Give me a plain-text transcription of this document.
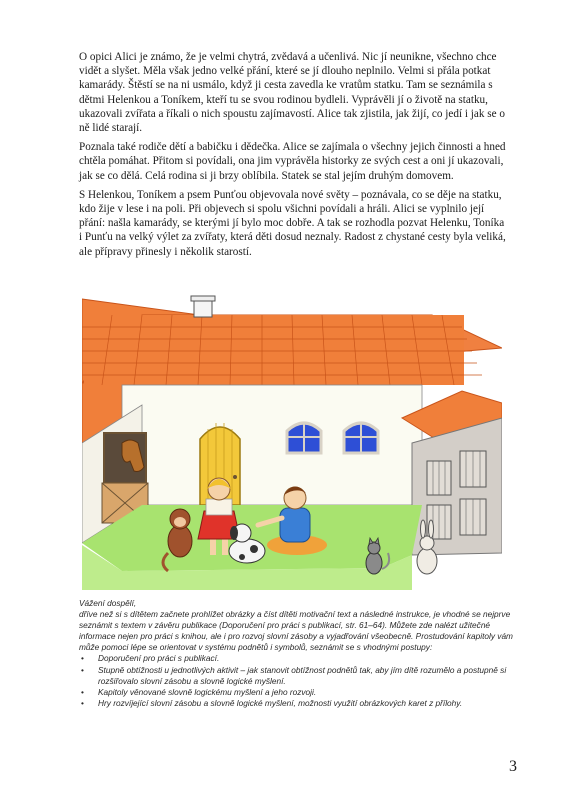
O opici Alici je známo, že je velmi chytrá, zvědavá a učenlivá. Nic jí neunikne, všechno chce vidět a slyšet. Měla však jedno velké přání, které se jí dlouho neplnilo. Velmi si přála potkat kamarády. Štěstí se na ni usmálo, když ji cesta zavedla ke vratům statku. Tam se seznámila s dětmi Helenkou a Toníkem, kteří tu se svou rodinou bydleli. Vyprávěli jí o životě na statku, ukazovali zvířata a říkali o nich spoustu zajímavostí. Alice tak zjistila, jak žijí, co jedí i jak se o ně lidé starají.

Poznala také rodiče dětí a babičku i dědečka. Alice se zajímala o všechny jejich činnosti a hned chtěla pomáhat. Přitom si povídali, ona jim vyprávěla historky ze svých cest a oni jí ukazovali, jak se co dělá. Celá rodina si ji brzy oblíbila. Statek se stal jejím druhým domovem.

S Helenkou, Toníkem a psem Punťou objevovala nové světy – poznávala, co se děje na statku, kdo žije v lese i na poli. Při objevech si spolu všichni povídali a hráli. Alici se vyplnilo její přání: našla kamarády, se kterými jí bylo moc dobře. A tak se rozhodla pozvat Helenku, Toníka i Punťu na velký výlet za zvířaty, která děti dosud neznaly. Radost z chystané cesty byla veliká, ale přípravy přinesly i několik starostí.

Vážení dospělí,

dříve než si s dítětem začnete prohlížet obrázky a číst dítěti motivační text a následné instrukce, je vhodné se nejprve seznámit s textem v závěru publikace (Doporučení pro práci s publikací, str. 61–64). Můžete zde nalézt užitečné informace nejen pro práci s knihou, ale i pro rozvoj slovní zásoby a vyjadřování všeobecně. Prostudování kapitoly vám může pomoci lépe se orientovat v systému podnětů i symbolů, seznámit se s vhodnými postupy:

• Doporučení pro práci s publikací.
• Stupně obtížnosti u jednotlivých aktivit – jak stanovit obtížnost podnětů tak, aby jím dítě rozumělo a postupně si rozšiřovalo slovní zásobu a slovně logické myšlení.
• Kapitoly věnované slovně logickému myšlení a jeho rozvoji.
• Hry rozvíjející slovní zásobu a slovně logické myšlení, možnosti využití obrázkových karet z přílohy.
3
